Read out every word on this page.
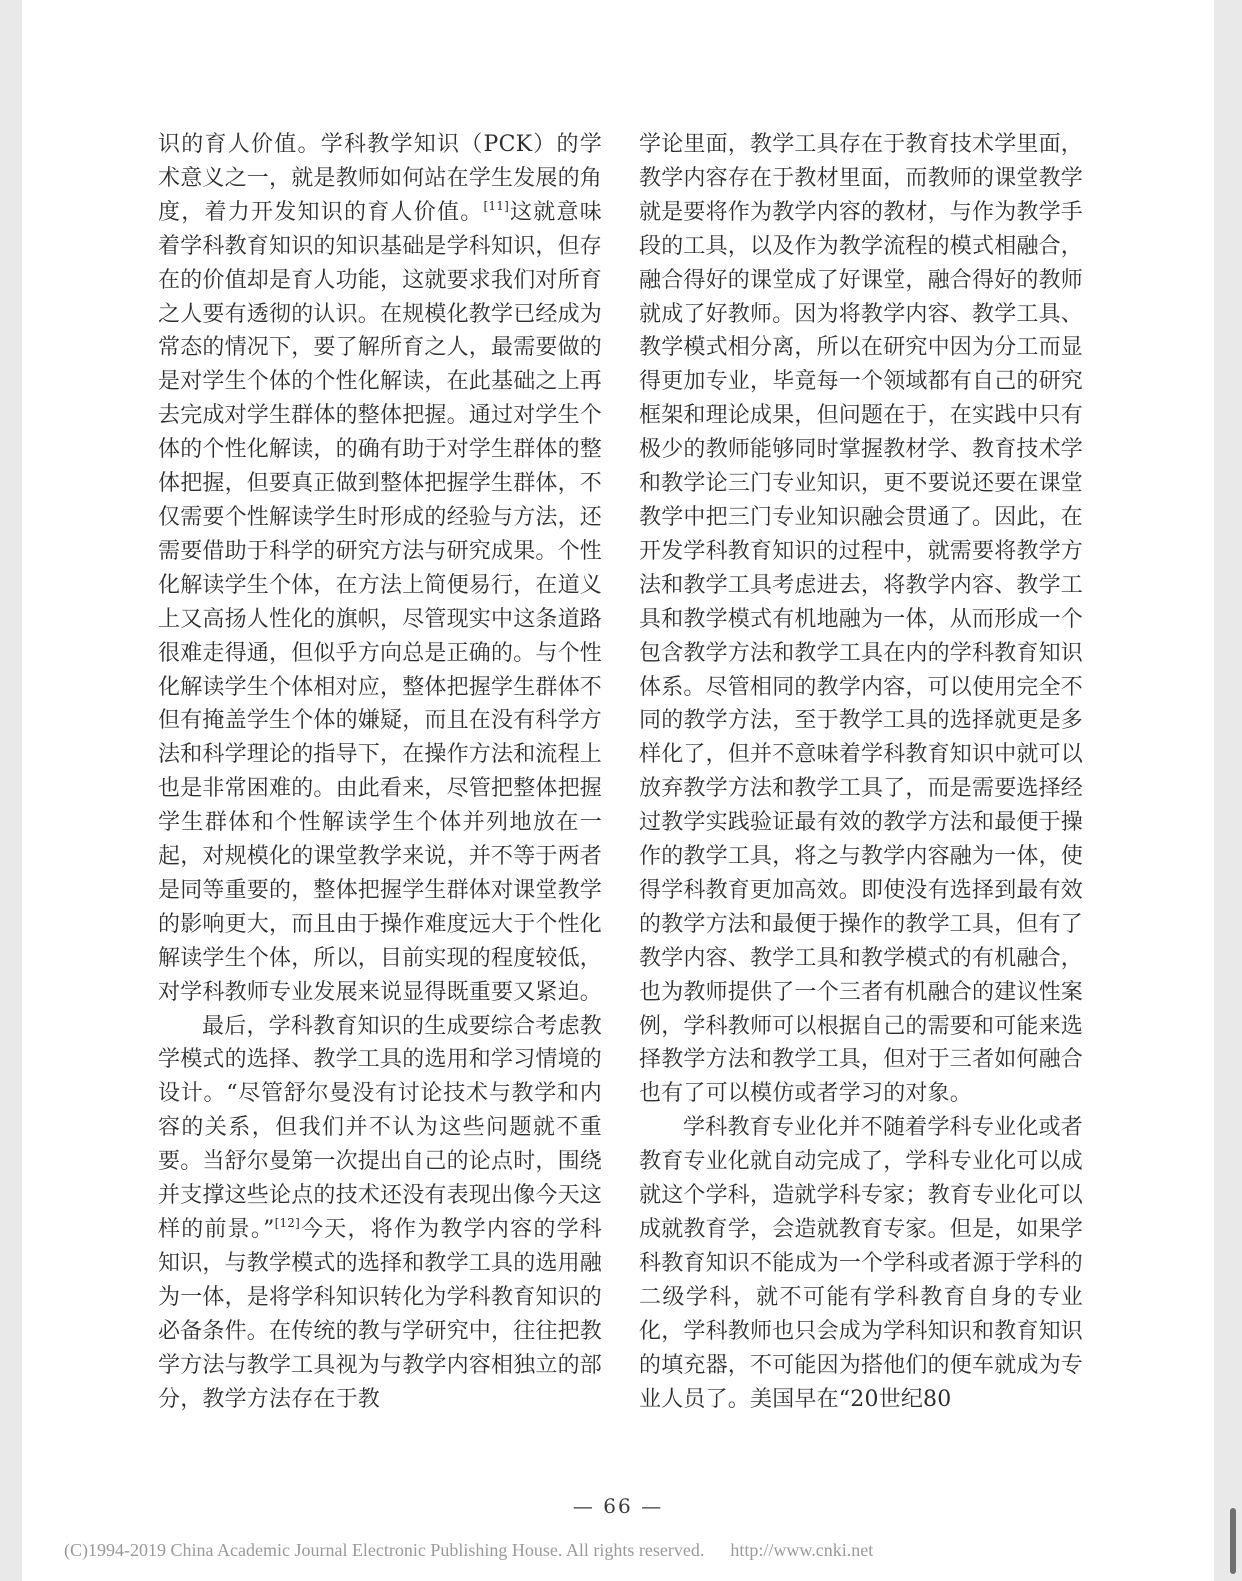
识的育人价值。学科教学知识（PCK）的学术意义之一，就是教师如何站在学生发展的角度，着力开发知识的育人价值。[11]这就意味着学科教育知识的知识基础是学科知识，但存在的价值却是育人功能，这就要求我们对所育之人要有透彻的认识。在规模化教学已经成为常态的情况下，要了解所育之人，最需要做的是对学生个体的个性化解读，在此基础之上再去完成对学生群体的整体把握。通过对学生个体的个性化解读，的确有助于对学生群体的整体把握，但要真正做到整体把握学生群体，不仅需要个性解读学生时形成的经验与方法，还需要借助于科学的研究方法与研究成果。个性化解读学生个体，在方法上简便易行，在道义上又高扬人性化的旗帜，尽管现实中这条道路很难走得通，但似乎方向总是正确的。与个性化解读学生个体相对应，整体把握学生群体不但有掩盖学生个体的嫌疑，而且在没有科学方法和科学理论的指导下，在操作方法和流程上也是非常困难的。由此看来，尽管把整体把握学生群体和个性解读学生个体并列地放在一起，对规模化的课堂教学来说，并不等于两者是同等重要的，整体把握学生群体对课堂教学的影响更大，而且由于操作难度远大于个性化解读学生个体，所以，目前实现的程度较低，对学科教师专业发展来说显得既重要又紧迫。

最后，学科教育知识的生成要综合考虑教学模式的选择、教学工具的选用和学习情境的设计。“尽管舒尔曼没有讨论技术与教学和内容的关系，但我们并不认为这些问题就不重要。当舒尔曼第一次提出自己的论点时，围绕并支撑这些论点的技术还没有表现出像今天这样的前景。”[12]今天，将作为教学内容的学科知识，与教学模式的选择和教学工具的选用融为一体，是将学科知识转化为学科教育知识的必备条件。在传统的教与学研究中，往往把教学方法与教学工具视为与教学内容相独立的部分，教学方法存在于教

学论里面，教学工具存在于教育技术学里面，教学内容存在于教材里面，而教师的课堂教学就是要将作为教学内容的教材，与作为教学手段的工具，以及作为教学流程的模式相融合，融合得好的课堂成了好课堂，融合得好的教师就成了好教师。因为将教学内容、教学工具、教学模式相分离，所以在研究中因为分工而显得更加专业，毕竟每一个领域都有自己的研究框架和理论成果，但问题在于，在实践中只有极少的教师能够同时掌握教材学、教育技术学和教学论三门专业知识，更不要说还要在课堂教学中把三门专业知识融会贯通了。因此，在开发学科教育知识的过程中，就需要将教学方法和教学工具考虑进去，将教学内容、教学工具和教学模式有机地融为一体，从而形成一个包含教学方法和教学工具在内的学科教育知识体系。尽管相同的教学内容，可以使用完全不同的教学方法，至于教学工具的选择就更是多样化了，但并不意味着学科教育知识中就可以放弃教学方法和教学工具了，而是需要选择经过教学实践验证最有效的教学方法和最便于操作的教学工具，将之与教学内容融为一体，使得学科教育更加高效。即使没有选择到最有效的教学方法和最便于操作的教学工具，但有了教学内容、教学工具和教学模式的有机融合，也为教师提供了一个三者有机融合的建议性案例，学科教师可以根据自己的需要和可能来选择教学方法和教学工具，但对于三者如何融合也有了可以模仿或者学习的对象。

学科教育专业化并不随着学科专业化或者教育专业化就自动完成了，学科专业化可以成就这个学科，造就学科专家；教育专业化可以成就教育学，会造就教育专家。但是，如果学科教育知识不能成为一个学科或者源于学科的二级学科，就不可能有学科教育自身的专业化，学科教师也只会成为学科知识和教育知识的填充器，不可能因为搭他们的便车就成为专业人员了。美国早在“20世纪80

— 66 —
(C)1994-2019 China Academic Journal Electronic Publishing House. All rights reserved. http://www.cnki.net
